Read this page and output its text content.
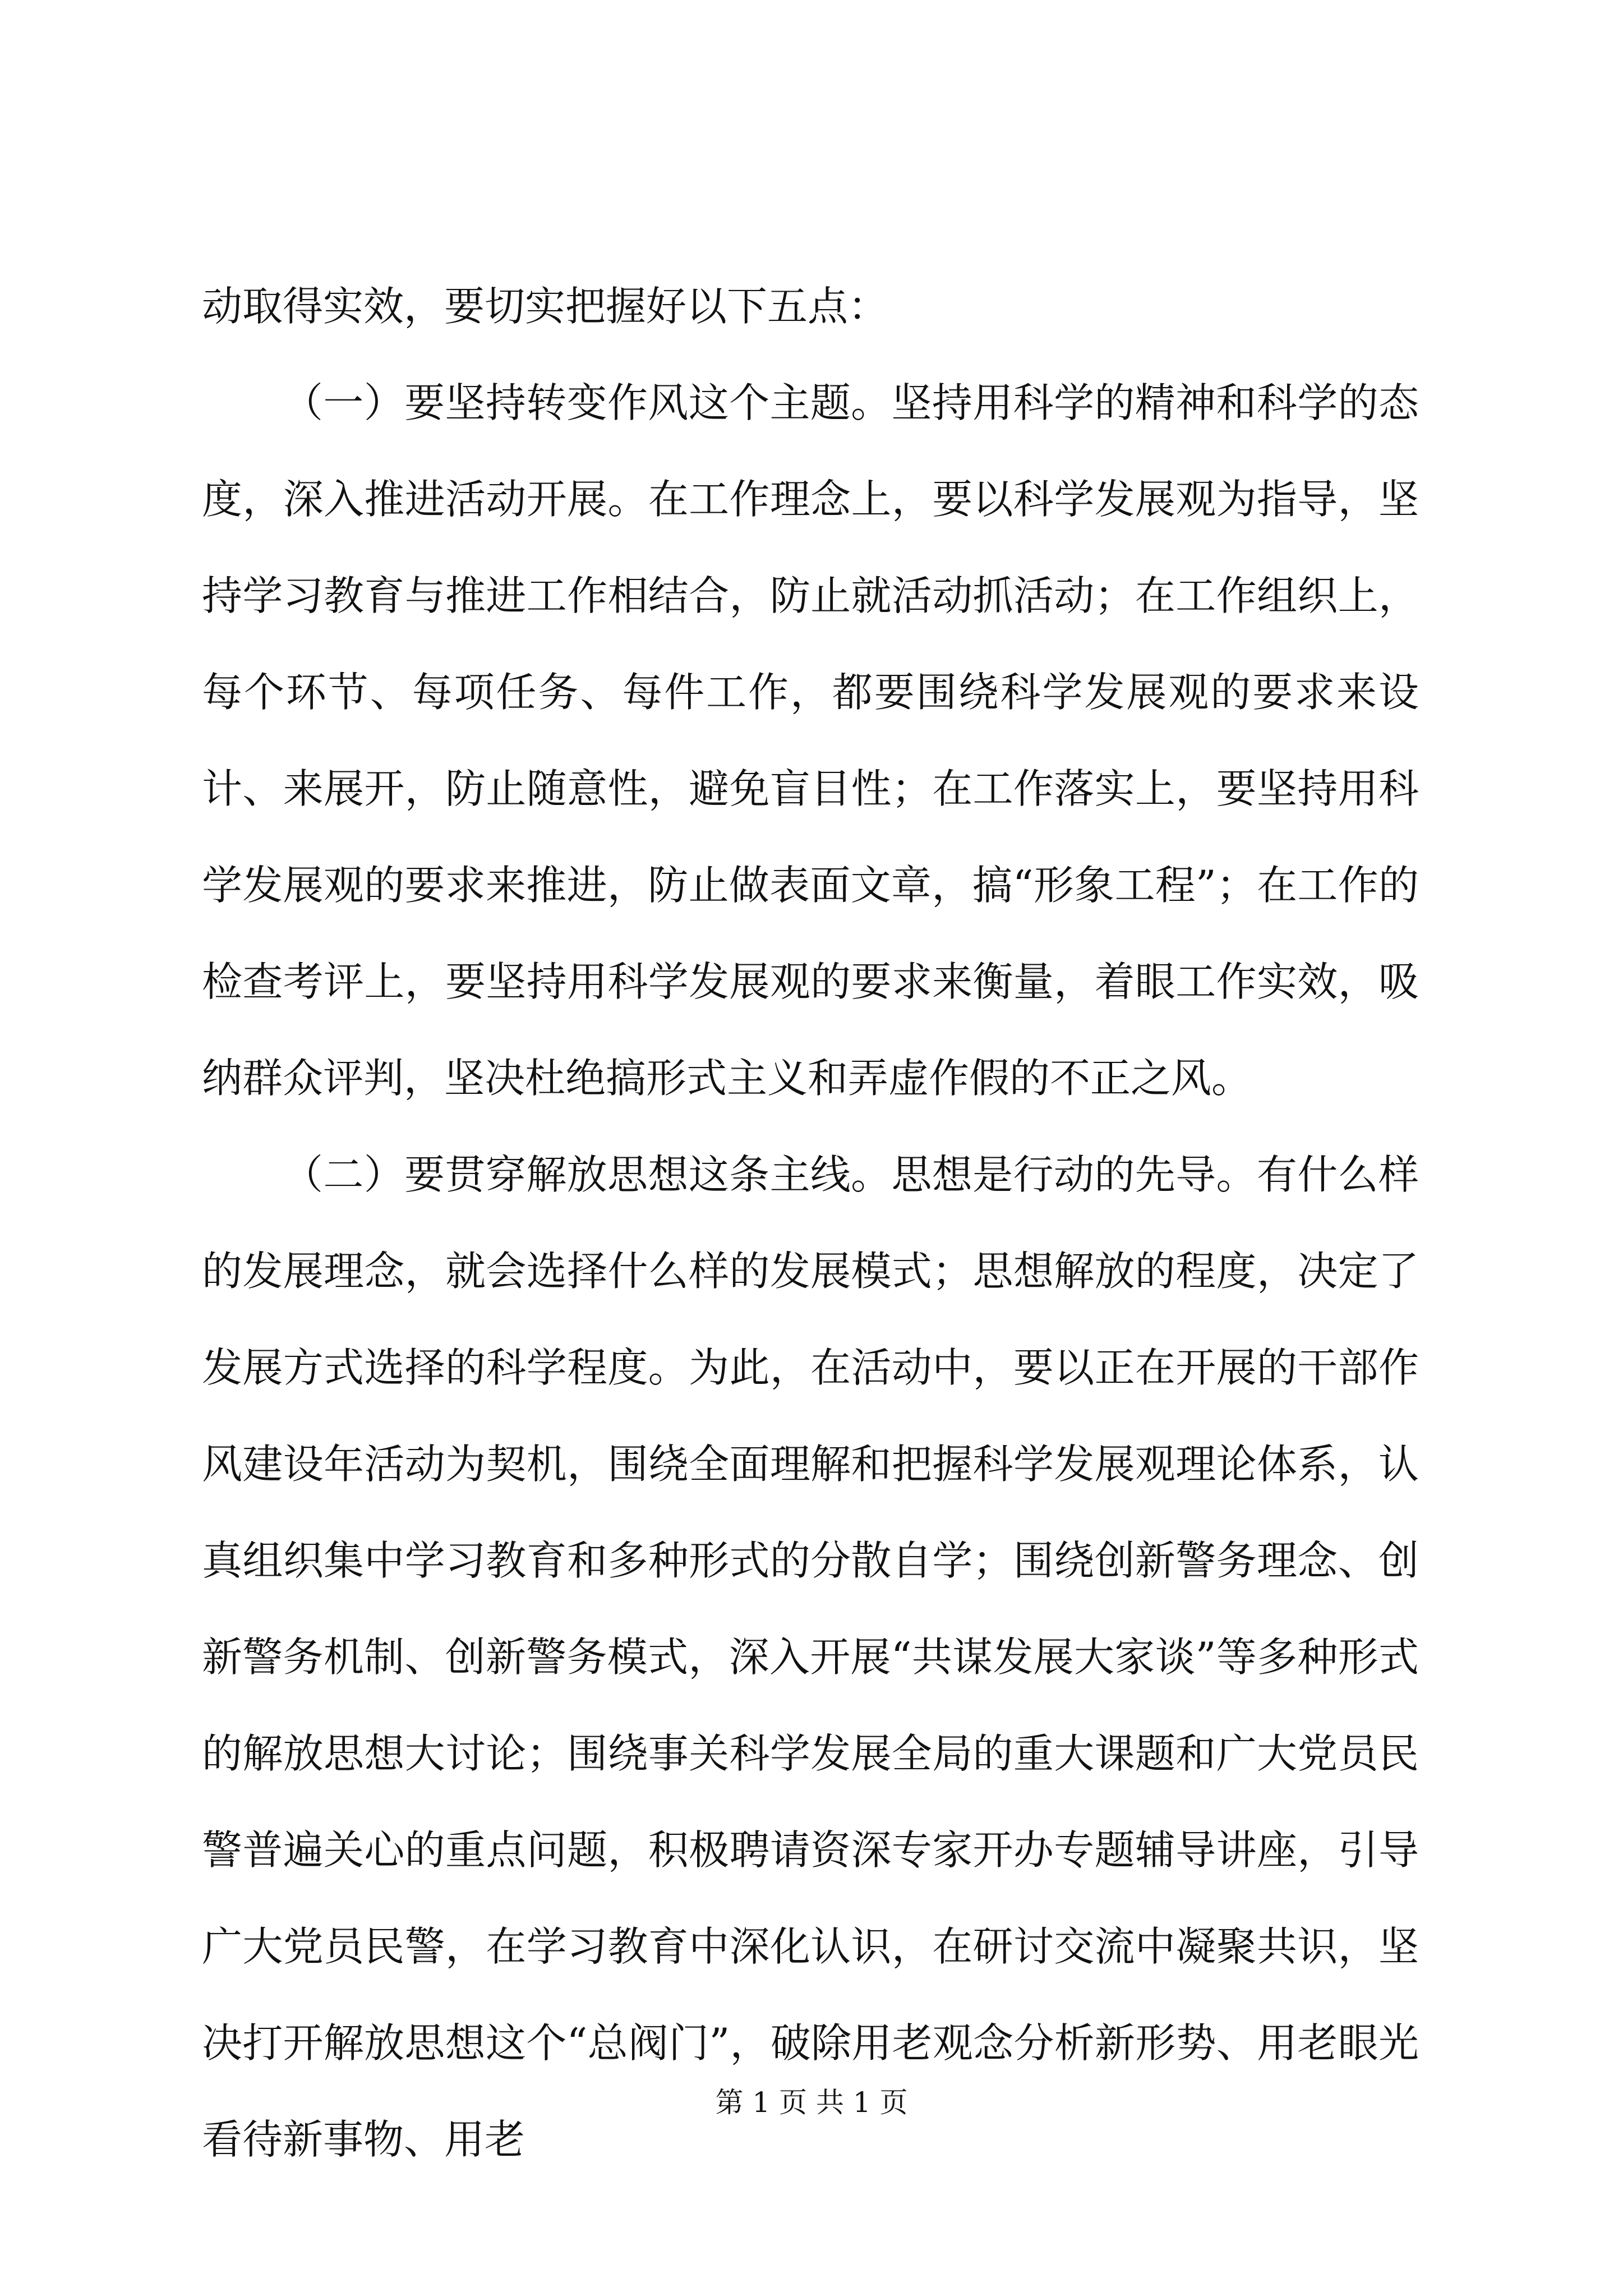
动取得实效，要切实把握好以下五点：

（一）要坚持转变作风这个主题。坚持用科学的精神和科学的态度，深入推进活动开展。在工作理念上，要以科学发展观为指导，坚持学习教育与推进工作相结合，防止就活动抓活动；在工作组织上，每个环节、每项任务、每件工作，都要围绕科学发展观的要求来设计、来展开，防止随意性，避免盲目性；在工作落实上，要坚持用科学发展观的要求来推进，防止做表面文章，搞“形象工程”；在工作的检查考评上，要坚持用科学发展观的要求来衡量，着眼工作实效，吸纳群众评判，坚决杜绝搞形式主义和弄虚作假的不正之风。

（二）要贯穿解放思想这条主线。思想是行动的先导。有什么样的发展理念，就会选择什么样的发展模式；思想解放的程度，决定了发展方式选择的科学程度。为此，在活动中，要以正在开展的干部作风建设年活动为契机，围绕全面理解和把握科学发展观理论体系，认真组织集中学习教育和多种形式的分散自学；围绕创新警务理念、创新警务机制、创新警务模式，深入开展“共谋发展大家谈”等多种形式的解放思想大讨论；围绕事关科学发展全局的重大课题和广大党员民警普遍关心的重点问题，积极聘请资深专家开办专题辅导讲座，引导广大党员民警，在学习教育中深化认识，在研讨交流中凝聚共识，坚决打开解放思想这个“总阀门”，破除用老观念分析新形势、用老眼光看待新事物、用老

第 1 页 共 1 页
